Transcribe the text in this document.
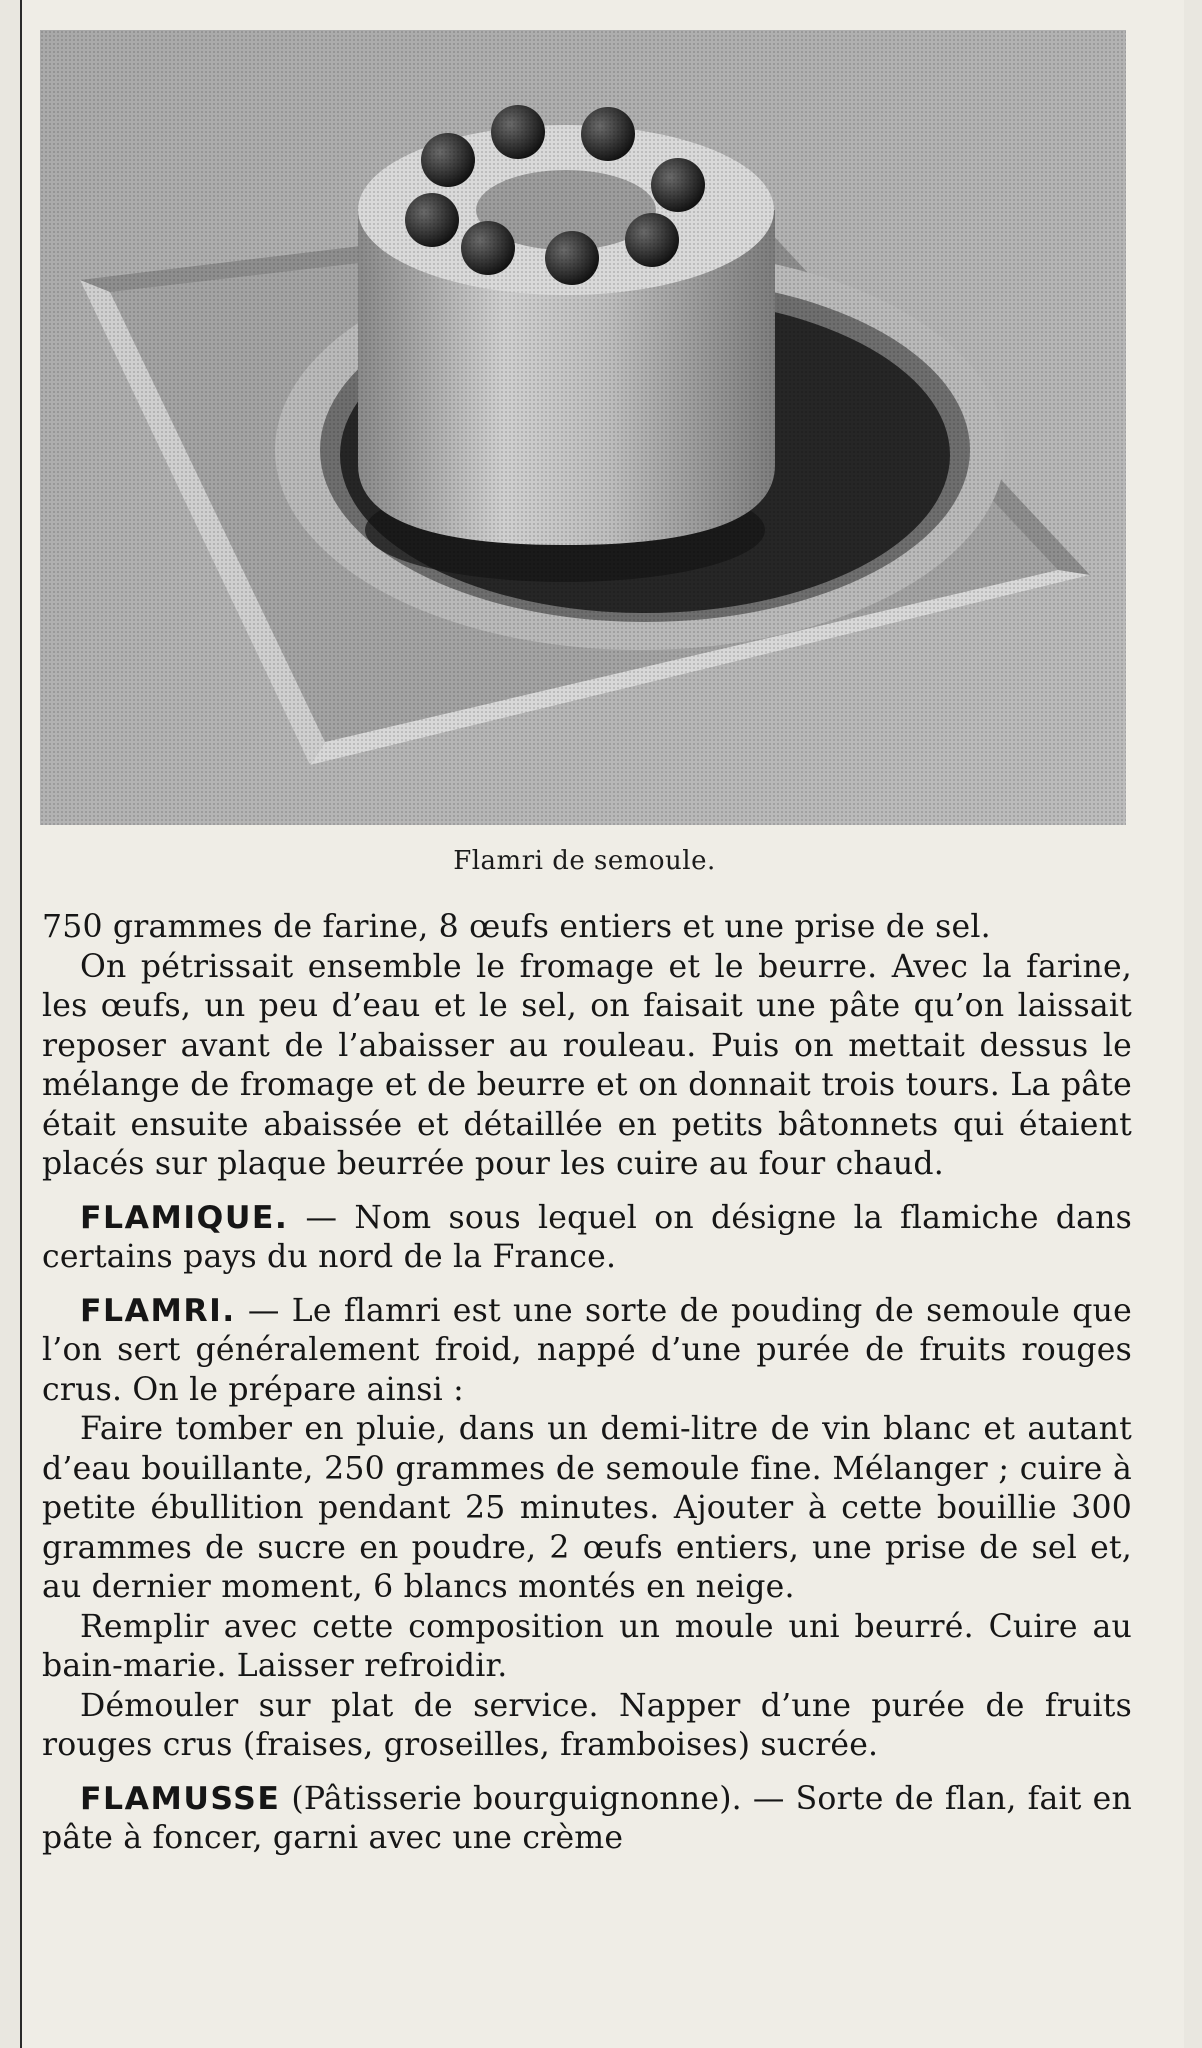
Flamri de semoule.

750 grammes de farine, 8 œufs entiers et une prise de sel.

On pétrissait ensemble le fromage et le beurre. Avec la farine, les œufs, un peu d’eau et le sel, on faisait une pâte qu’on laissait reposer avant de l’abaisser au rouleau. Puis on mettait dessus le mélange de fromage et de beurre et on donnait trois tours. La pâte était ensuite abaissée et détaillée en petits bâtonnets qui étaient placés sur plaque beurrée pour les cuire au four chaud.

FLAMIQUE. — Nom sous lequel on désigne la flamiche dans certains pays du nord de la France.

FLAMRI. — Le flamri est une sorte de pouding de semoule que l’on sert généralement froid, nappé d’une purée de fruits rouges crus. On le prépare ainsi :

Faire tomber en pluie, dans un demi-litre de vin blanc et autant d’eau bouillante, 250 grammes de semoule fine. Mélanger ; cuire à petite ébullition pendant 25 minutes. Ajouter à cette bouillie 300 grammes de sucre en poudre, 2 œufs entiers, une prise de sel et, au dernier moment, 6 blancs montés en neige.

Remplir avec cette composition un moule uni beurré. Cuire au bain-marie. Laisser refroidir.

Démouler sur plat de service. Napper d’une purée de fruits rouges crus (fraises, groseilles, framboises) sucrée.

FLAMUSSE (Pâtisserie bourguignonne). — Sorte de flan, fait en pâte à foncer, garni avec une crème
